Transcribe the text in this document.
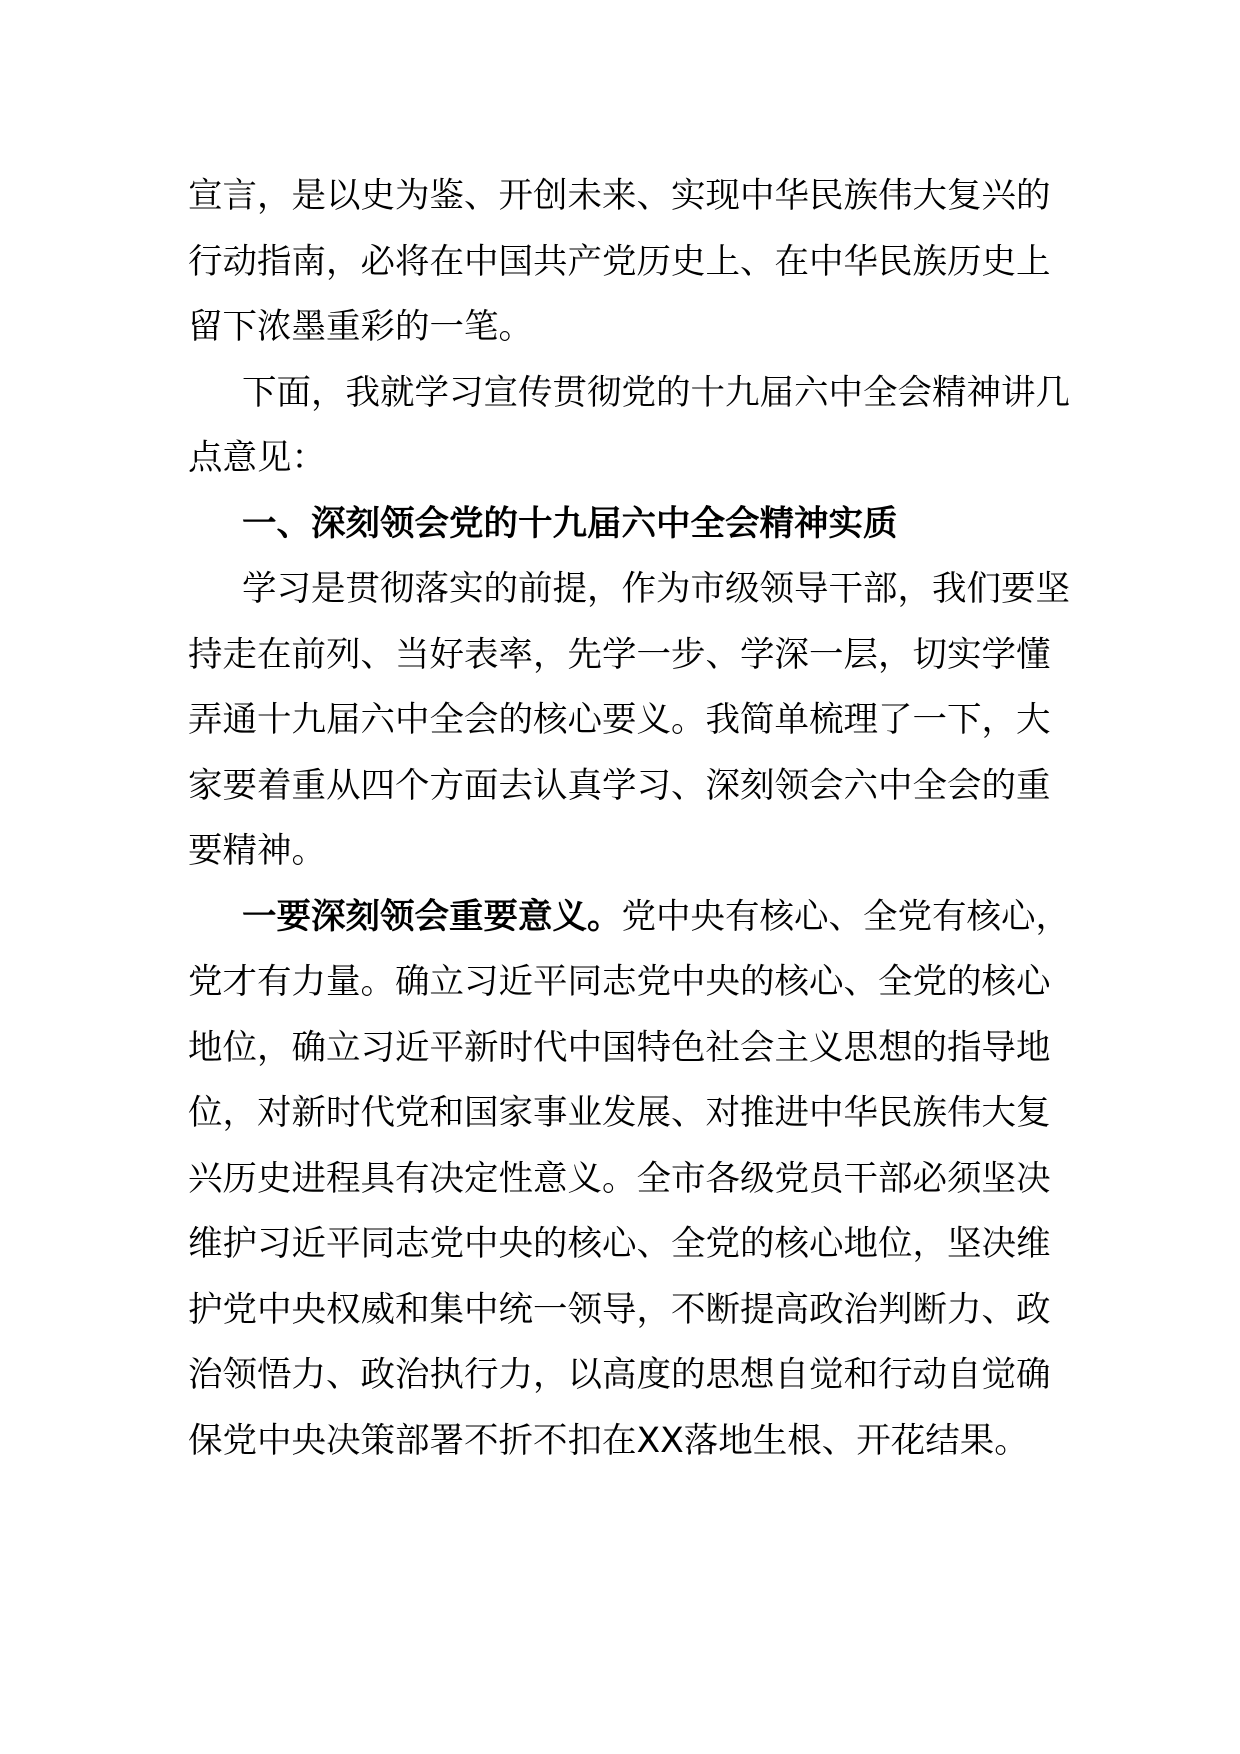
宣言，是以史为鉴、开创未来、实现中华民族伟大复兴的
行动指南，必将在中国共产党历史上、在中华民族历史上
留下浓墨重彩的一笔。

下面，我就学习宣传贯彻党的十九届六中全会精神讲几
点意见：

一、深刻领会党的十九届六中全会精神实质

学习是贯彻落实的前提，作为市级领导干部，我们要坚
持走在前列、当好表率，先学一步、学深一层，切实学懂
弄通十九届六中全会的核心要义。我简单梳理了一下，大
家要着重从四个方面去认真学习、深刻领会六中全会的重
要精神。

一要深刻领会重要意义。党中央有核心、全党有核心，
党才有力量。确立习近平同志党中央的核心、全党的核心
地位，确立习近平新时代中国特色社会主义思想的指导地
位，对新时代党和国家事业发展、对推进中华民族伟大复
兴历史进程具有决定性意义。全市各级党员干部必须坚决
维护习近平同志党中央的核心、全党的核心地位，坚决维
护党中央权威和集中统一领导，不断提高政治判断力、政
治领悟力、政治执行力，以高度的思想自觉和行动自觉确
保党中央决策部署不折不扣在XX落地生根、开花结果。
